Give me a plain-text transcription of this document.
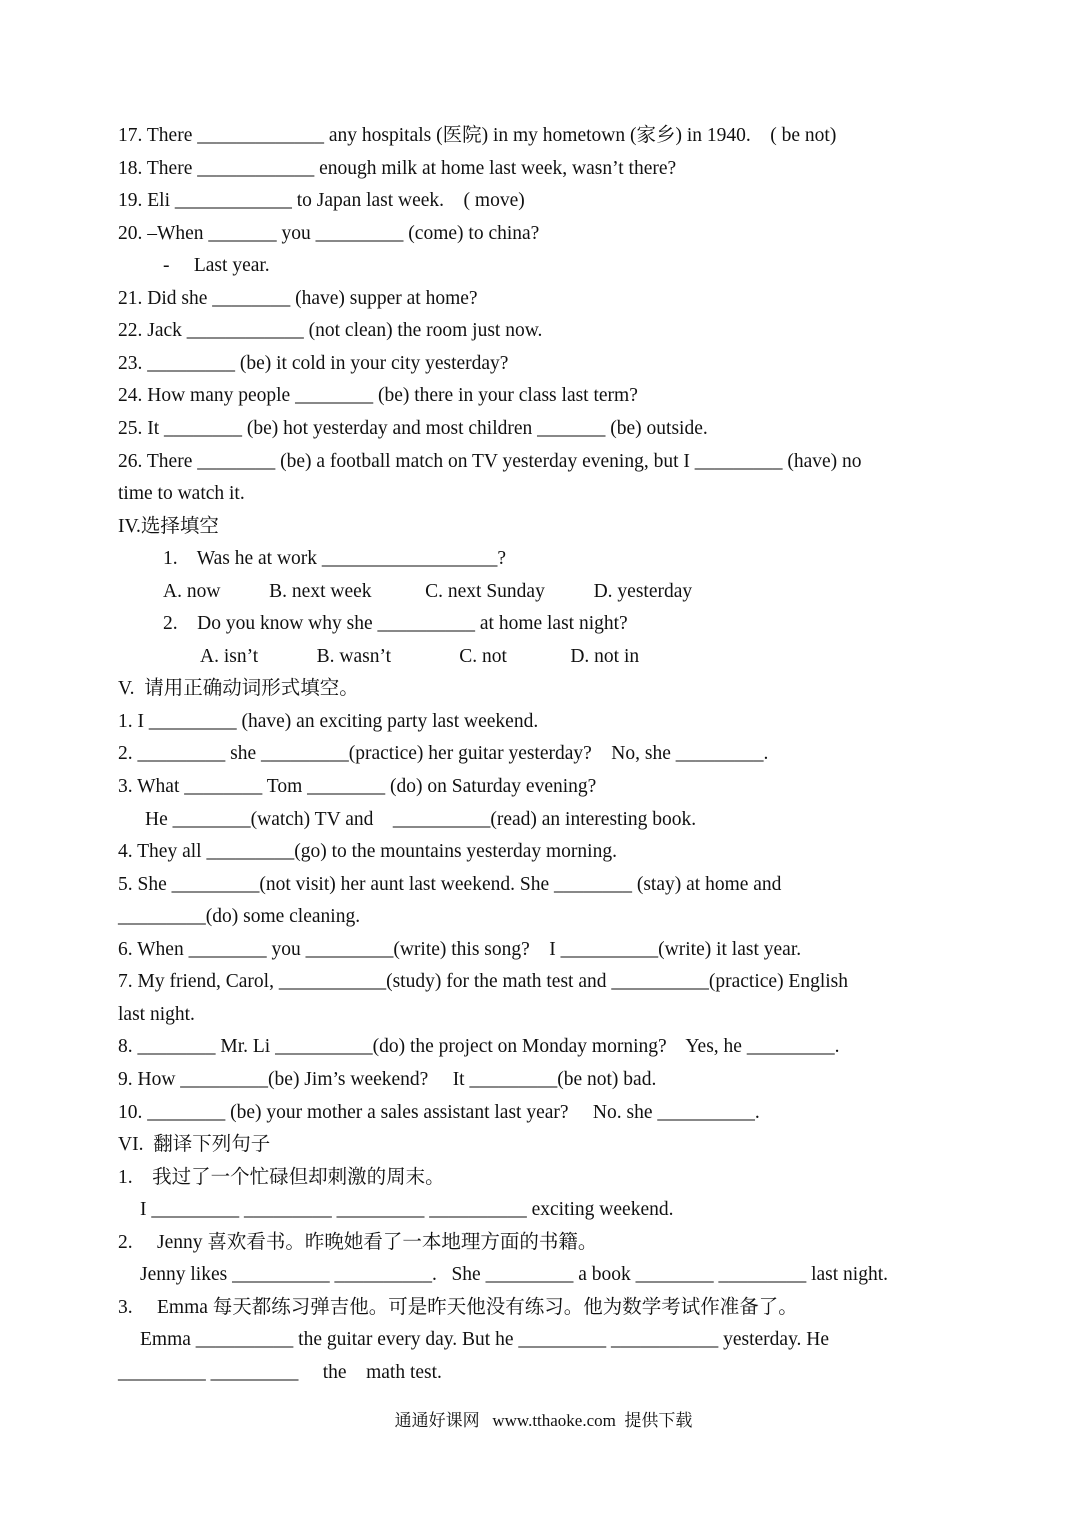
17. There _____________ any hospitals (医院) in my hometown (家乡) in 1940.    ( be not)
18. There ____________ enough milk at home last week, wasn’t there?
19. Eli ____________ to Japan last week.    ( move)
20. –When _______ you _________ (come) to china?
-     Last year.
21. Did she ________ (have) supper at home?
22. Jack ____________ (not clean) the room just now.
23. _________ (be) it cold in your city yesterday?
24. How many people ________ (be) there in your class last term?
25. It ________ (be) hot yesterday and most children _______ (be) outside.
26. There ________ (be) a football match on TV yesterday evening, but I _________ (have) no
time to watch it.
IV.选择填空
1.    Was he at work __________________?
A. now          B. next week           C. next Sunday          D. yesterday
2.    Do you know why she __________ at home last night?
A. isn’t            B. wasn’t              C. not             D. not in
V.  请用正确动词形式填空。
1. I _________ (have) an exciting party last weekend.
2. _________ she _________(practice) her guitar yesterday?    No, she _________.
3. What ________ Tom ________ (do) on Saturday evening?
He ________(watch) TV and    __________(read) an interesting book.
4. They all _________(go) to the mountains yesterday morning.
5. She _________(not visit) her aunt last weekend. She ________ (stay) at home and
_________(do) some cleaning.
6. When ________ you _________(write) this song?    I __________(write) it last year.
7. My friend, Carol, ___________(study) for the math test and __________(practice) English
last night.
8. ________ Mr. Li __________(do) the project on Monday morning?    Yes, he _________.
9. How _________(be) Jim’s weekend?     It _________(be not) bad.
10. ________ (be) your mother a sales assistant last year?     No. she __________.
VI.  翻译下列句子
1.    我过了一个忙碌但却刺激的周末。
I _________ _________ _________ __________ exciting weekend.
2.     Jenny 喜欢看书。昨晚她看了一本地理方面的书籍。
Jenny likes __________ __________.   She _________ a book ________ _________ last night.
3.     Emma 每天都练习弹吉他。可是昨天他没有练习。他为数学考试作准备了。
Emma __________ the guitar every day. But he _________ ___________ yesterday. He
_________ _________     the    math test.
通通好课网   www.tthaoke.com  提供下载
